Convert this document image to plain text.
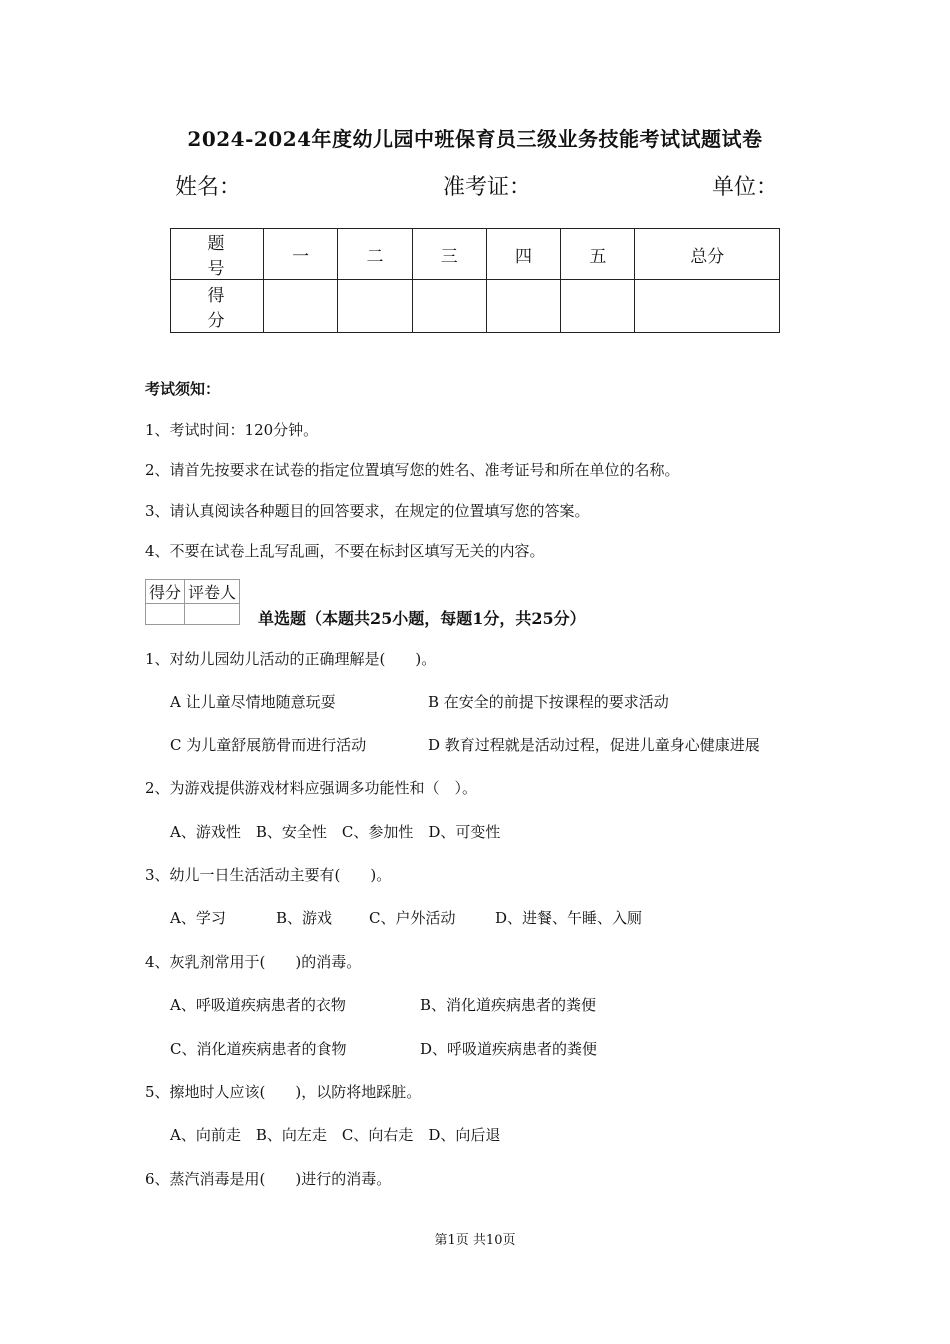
2024-2024年度幼儿园中班保育员三级业务技能考试试题试卷
姓名：	准考证：	单位：
题　号	一	二	三	四	五	总分
得　分						
考试须知：
1、考试时间：120分钟。
2、请首先按要求在试卷的指定位置填写您的姓名、准考证号和所在单位的名称。
3、请认真阅读各种题目的回答要求，在规定的位置填写您的答案。
4、不要在试卷上乱写乱画，不要在标封区填写无关的内容。
得分	评卷人

单选题（本题共25小题，每题1分，共25分）
1、对幼儿园幼儿活动的正确理解是(　　)。
A 让儿童尽情地随意玩耍	B 在安全的前提下按课程的要求活动
C 为儿童舒展筋骨而进行活动	D 教育过程就是活动过程，促进儿童身心健康进展
2、为游戏提供游戏材料应强调多功能性和（　）。
A、游戏性　B、安全性　C、参加性　D、可变性
3、幼儿一日生活活动主要有(　　)。
A、学习	B、游戏 C、户外活动	D、进餐、午睡、入厕
4、灰乳剂常用于(　　)的消毒。
A、呼吸道疾病患者的衣物	B、消化道疾病患者的粪便
C、消化道疾病患者的食物	D、呼吸道疾病患者的粪便
5、擦地时人应该(　　)，以防将地踩脏。
A、向前走　B、向左走　C、向右走　D、向后退
6、蒸汽消毒是用(　　)进行的消毒。
第1页 共10页
